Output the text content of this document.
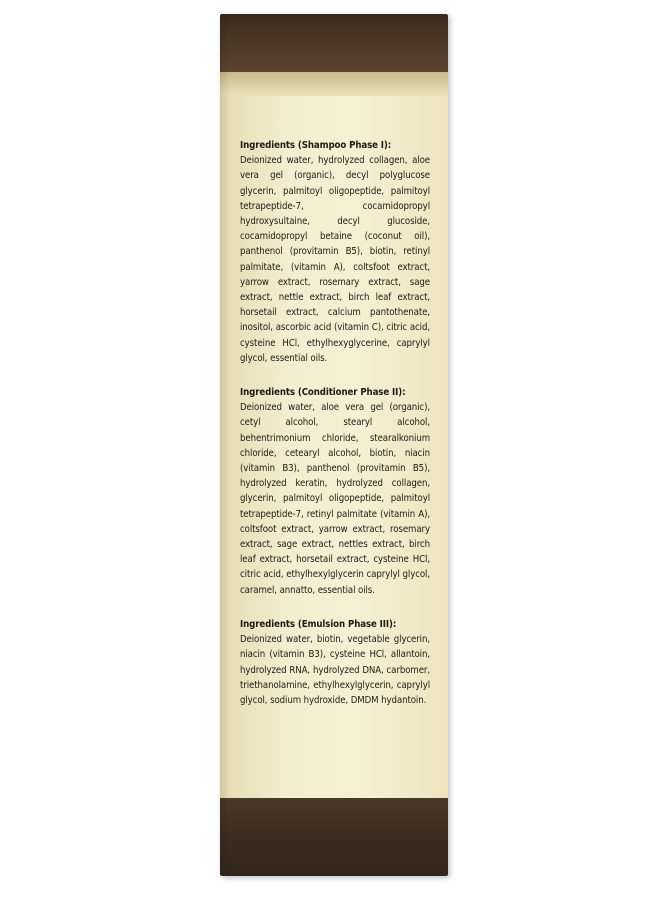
Ingredients (Shampoo Phase I):
Deionized water, hydrolyzed collagen, aloe vera gel (organic), decyl polyglucose glycerin, palmitoyl oligopeptide, palmitoyl tetrapeptide-7, cocamidopropyl hydroxysultaine, decyl glucoside, cocamidopropyl betaine (coconut oil), panthenol (provitamin B5), biotin, retinyl palmitate, (vitamin A), coltsfoot extract, yarrow extract, rosemary extract, sage extract, nettle extract, birch leaf extract, horsetail extract, calcium pantothenate, inositol, ascorbic acid (vitamin C), citric acid, cysteine HCl, ethylhexyglycerine, caprylyl glycol, essential oils.
Ingredients (Conditioner Phase II):
Deionized water, aloe vera gel (organic), cetyl alcohol, stearyl alcohol, behentrimonium chloride, stearalkonium chloride, cetearyl alcohol, biotin, niacin (vitamin B3), panthenol (provitamin B5), hydrolyzed keratin, hydrolyzed collagen, glycerin, palmitoyl oligopeptide, palmitoyl tetrapeptide-7, retinyl palmitate (vitamin A), coltsfoot extract, yarrow extract, rosemary extract, sage extract, nettles extract, birch leaf extract, horsetail extract, cysteine HCl, citric acid, ethylhexylglycerin caprylyl glycol, caramel, annatto, essential oils.
Ingredients (Emulsion Phase III):
Deionized water, biotin, vegetable glycerin, niacin (vitamin B3), cysteine HCl, allantoin, hydrolyzed RNA, hydrolyzed DNA, carbomer, triethanolamine, ethylhexylglycerin, caprylyl glycol, sodium hydroxide, DMDM hydantoin.
